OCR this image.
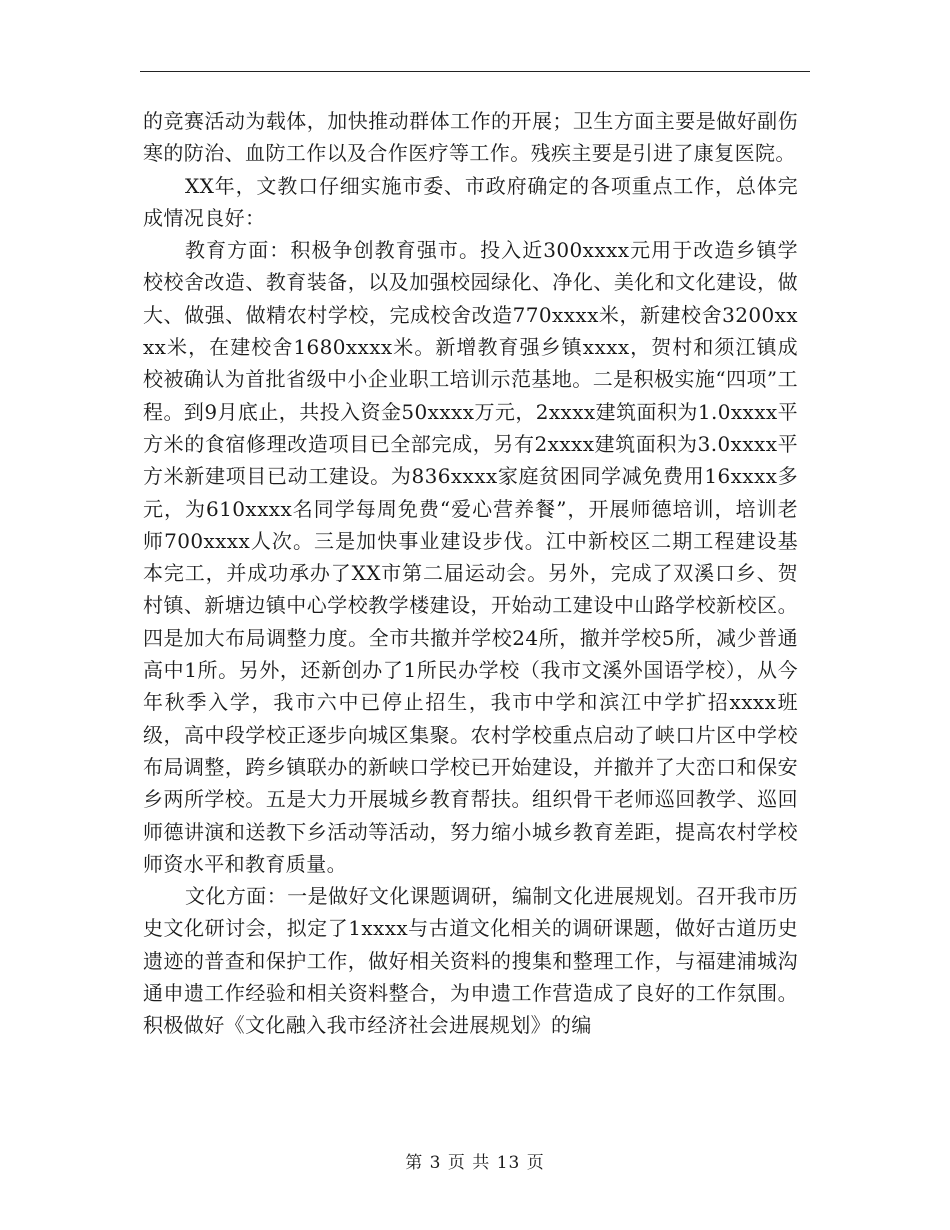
的竞赛活动为载体，加快推动群体工作的开展；卫生方面主要是做好副伤寒的防治、血防工作以及合作医疗等工作。残疾主要是引进了康复医院。

XX年，文教口仔细实施市委、市政府确定的各项重点工作，总体完成情况良好：

教育方面：积极争创教育强市。投入近300xxxx元用于改造乡镇学校校舍改造、教育装备，以及加强校园绿化、净化、美化和文化建设，做大、做强、做精农村学校，完成校舍改造770xxxx米，新建校舍3200xxxx米，在建校舍1680xxxx米。新增教育强乡镇xxxx，贺村和须江镇成校被确认为首批省级中小企业职工培训示范基地。二是积极实施“四项”工程。到9月底止，共投入资金50xxxx万元，2xxxx建筑面积为1.0xxxx平方米的食宿修理改造项目已全部完成，另有2xxxx建筑面积为3.0xxxx平方米新建项目已动工建设。为836xxxx家庭贫困同学减免费用16xxxx多元，为610xxxx名同学每周免费“爱心营养餐”，开展师德培训，培训老师700xxxx人次。三是加快事业建设步伐。江中新校区二期工程建设基本完工，并成功承办了XX市第二届运动会。另外，完成了双溪口乡、贺村镇、新塘边镇中心学校教学楼建设，开始动工建设中山路学校新校区。四是加大布局调整力度。全市共撤并学校24所，撤并学校5所，减少普通高中1所。另外，还新创办了1所民办学校（我市文溪外国语学校），从今年秋季入学，我市六中已停止招生，我市中学和滨江中学扩招xxxx班级，高中段学校正逐步向城区集聚。农村学校重点启动了峡口片区中学校布局调整，跨乡镇联办的新峡口学校已开始建设，并撤并了大峦口和保安乡两所学校。五是大力开展城乡教育帮扶。组织骨干老师巡回教学、巡回师德讲演和送教下乡活动等活动，努力缩小城乡教育差距，提高农村学校师资水平和教育质量。

文化方面：一是做好文化课题调研，编制文化进展规划。召开我市历史文化研讨会，拟定了1xxxx与古道文化相关的调研课题，做好古道历史遗迹的普查和保护工作，做好相关资料的搜集和整理工作，与福建浦城沟通申遗工作经验和相关资料整合，为申遗工作营造成了良好的工作氛围。积极做好《文化融入我市经济社会进展规划》的编

第 3 页 共 13 页
